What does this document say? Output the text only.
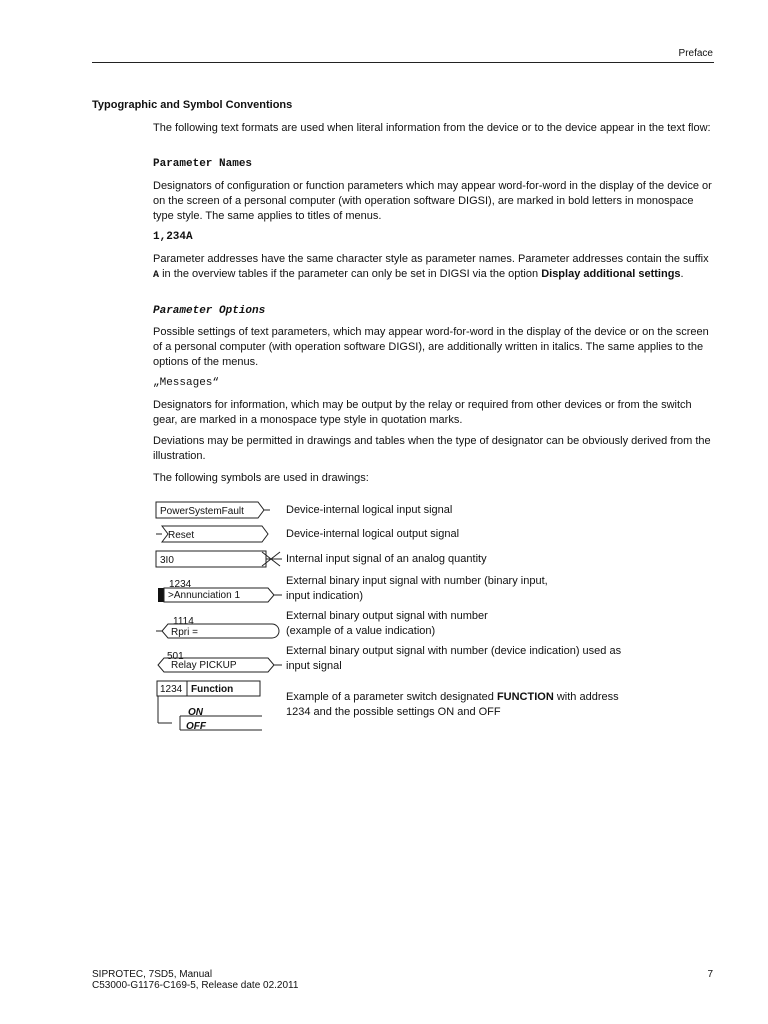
Preface
Typographic and Symbol Conventions
The following text formats are used when literal information from the device or to the device appear in the text flow:
Parameter Names
Designators of configuration or function parameters which may appear word-for-word in the display of the device or on the screen of a personal computer (with operation software DIGSI), are marked in bold letters in monospace type style. The same applies to titles of menus.
1,234A
Parameter addresses have the same character style as parameter names. Parameter addresses contain the suffix A in the overview tables if the parameter can only be set in DIGSI via the option Display additional settings.
Parameter Options
Possible settings of text parameters, which may appear word-for-word in the display of the device or on the screen of a personal computer (with operation software DIGSI), are additionally written in italics. The same applies to the options of the menus.
„Messages“
Designators for information, which may be output by the relay or required from other devices or from the switch gear, are marked in a monospace type style in quotation marks.
Deviations may be permitted in drawings and tables when the type of designator can be obviously derived from the illustration.
The following symbols are used in drawings:
PowerSystemFault
Reset
3I0
1234
>Annunciation 1
1114
Rpri =
501
Relay PICKUP
1234 Function
ON
OFF
Device-internal logical input signal
Device-internal logical output signal
Internal input signal of an analog quantity
External binary input signal with number (binary input,
input indication)
External binary output signal with number
(example of a value indication)
External binary output signal with number (device indication) used as
input signal
Example of a parameter switch designated FUNCTION with address
1234 and the possible settings ON and OFF
SIPROTEC, 7SD5, Manual
C53000-G1176-C169-5, Release date 02.2011
7
